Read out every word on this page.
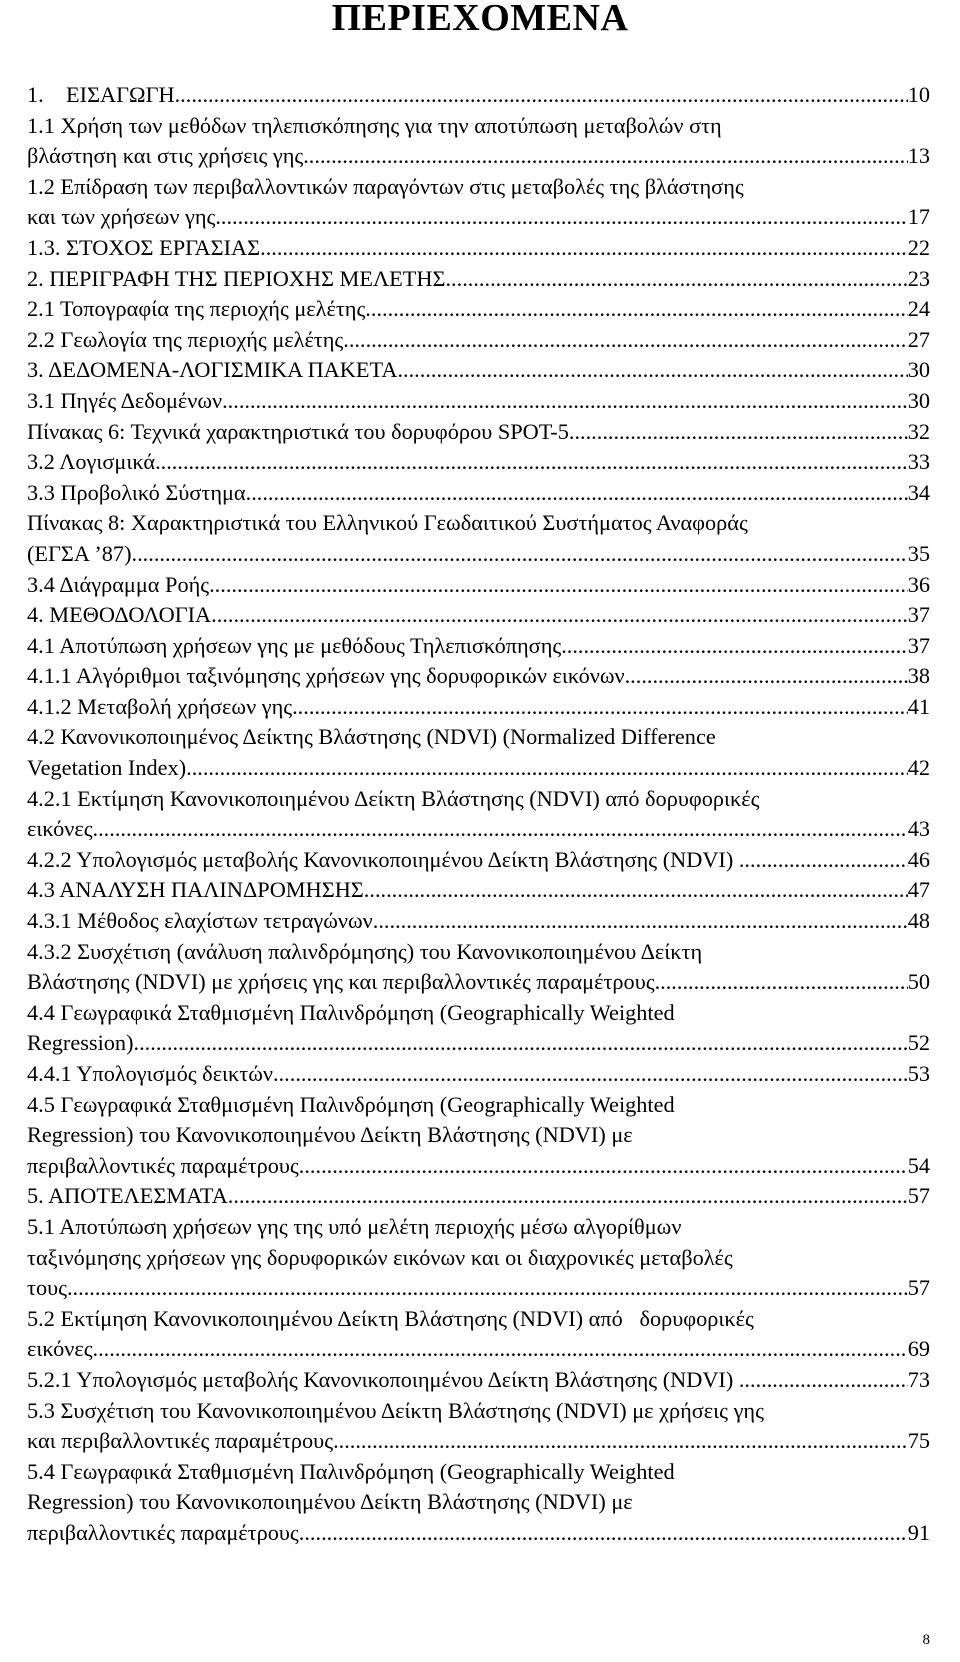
ΠΕΡΙΕΧΟΜΕΝΑ
1.    ΕΙΣΑΓΩΓΗ .....	10
1.1 Χρήση των μεθόδων τηλεπισκόπησης για την αποτύπωση μεταβολών στη
βλάστηση και στις χρήσεις γης .....	13
1.2 Επίδραση των περιβαλλοντικών παραγόντων στις μεταβολές της βλάστησης
και των χρήσεων γης. .....	17
1.3. ΣΤΟΧΟΣ ΕΡΓΑΣΙΑΣ .....	22
2. ΠΕΡΙΓΡΑΦΗ ΤΗΣ ΠΕΡΙΟΧΗΣ ΜΕΛΕΤΗΣ .....	23
2.1 Τοπογραφία της περιοχής μελέτης .....	24
2.2 Γεωλογία της περιοχής μελέτης .....	27
3. ΔΕΔΟΜΕΝΑ-ΛΟΓΙΣΜΙΚΑ ΠΑΚΕΤΑ .....	30
3.1 Πηγές Δεδομένων .....	30
Πίνακας 6: Τεχνικά χαρακτηριστικά του δορυφόρου SPOT-5 .....	32
3.2 Λογισμικά .....	33
3.3 Προβολικό Σύστημα .....	34
Πίνακας 8: Χαρακτηριστικά του Ελληνικού Γεωδαιτικού Συστήματος Αναφοράς
(ΕΓΣΑ ’87). .....	35
3.4 Διάγραμμα Ροής .....	36
4. ΜΕΘΟΔΟΛΟΓΙΑ .....	37
4.1 Αποτύπωση χρήσεων γης με μεθόδους Τηλεπισκόπησης .....	37
4.1.1 Αλγόριθμοι ταξινόμησης χρήσεων γης δορυφορικών εικόνων .....	38
4.1.2 Μεταβολή χρήσεων γης .....	41
4.2 Κανονικοποιημένος Δείκτης Βλάστησης (NDVI) (Normalized Difference
Vegetation Index) .....	42
4.2.1 Εκτίμηση Κανονικοποιημένου Δείκτη Βλάστησης (NDVI) από δορυφορικές
εικόνες .....	43
4.2.2 Υπολογισμός μεταβολής Κανονικοποιημένου Δείκτη Βλάστησης (NDVI) . .....	46
4.3 ΑΝΑΛΥΣΗ ΠΑΛΙΝΔΡΟΜΗΣΗΣ .....	47
4.3.1 Μέθοδος ελαχίστων τετραγώνων .....	48
4.3.2 Συσχέτιση (ανάλυση παλινδρόμησης) του Κανονικοποιημένου Δείκτη
Βλάστησης (NDVI) με χρήσεις γης και περιβαλλοντικές παραμέτρους .....	50
4.4 Γεωγραφικά Σταθμισμένη Παλινδρόμηση (Geographically Weighted
Regression) .....	52
4.4.1 Υπολογισμός δεικτών .....	53
4.5 Γεωγραφικά Σταθμισμένη Παλινδρόμηση (Geographically Weighted
Regression) του Κανονικοποιημένου Δείκτη Βλάστησης (NDVI) με
περιβαλλοντικές παραμέτρους .....	54
5. ΑΠΟΤΕΛΕΣΜΑΤΑ .....	57
5.1 Αποτύπωση χρήσεων γης της υπό μελέτη περιοχής μέσω αλγορίθμων
ταξινόμησης χρήσεων γης δορυφορικών εικόνων και οι διαχρονικές μεταβολές
τους .....	57
5.2 Εκτίμηση Κανονικοποιημένου Δείκτη Βλάστησης (NDVI) από   δορυφορικές
εικόνες. .....	69
5.2.1 Υπολογισμός μεταβολής Κανονικοποιημένου Δείκτη Βλάστησης (NDVI) . .....	73
5.3 Συσχέτιση του Κανονικοποιημένου Δείκτη Βλάστησης (NDVI) με χρήσεις γης
και περιβαλλοντικές παραμέτρους .....	75
5.4 Γεωγραφικά Σταθμισμένη Παλινδρόμηση (Geographically Weighted
Regression) του Κανονικοποιημένου Δείκτη Βλάστησης (NDVI) με
περιβαλλοντικές παραμέτρους. .....	91
8
